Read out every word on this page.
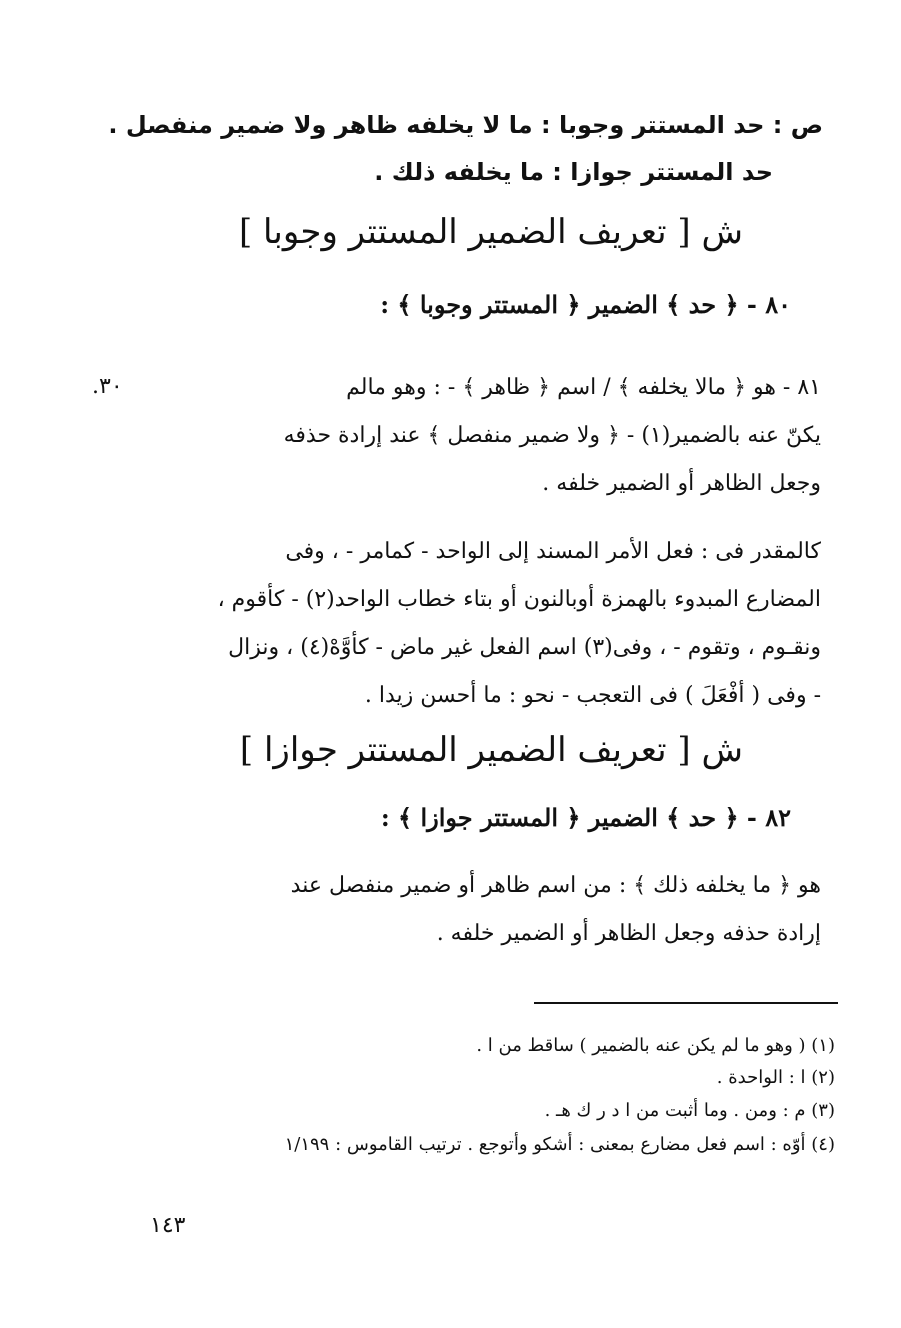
ص : حد المستتر وجوبا : ما لا يخلفه ظاهر ولا ضمير منفصل .
حد المستتر جوازا : ما يخلفه ذلك .
ش [ تعريف الضمير المستتر وجوبا ]
٨٠ - ﴿ حد ﴾ الضمير ﴿ المستتر وجوبا ﴾ :
٨١ - هو ﴿ مالا يخلفه ﴾ / اسم ﴿ ظاهر ﴾ - : وهو مالم
يكنّ عنه بالضمير(١) - ﴿ ولا ضمير منفصل ﴾ عند إرادة حذفه
وجعل الظاهر أو الضمير خلفه .
٣٠.
كالمقدر فى : فعل الأمر المسند إلى الواحد - كمامر - ، وفى
المضارع المبدوء بالهمزة أوبالنون أو بتاء خطاب الواحد(٢) - كأقوم ،
ونقـوم ، وتقوم - ، وفى(٣) اسم الفعل غير ماض - كأوَّهْ(٤) ، ونزال
- وفى ( أفْعَلَ ) فى التعجب - نحو : ما أحسن زيدا .
ش [ تعريف الضمير المستتر جوازا ]
٨٢ - ﴿ حد ﴾ الضمير ﴿ المستتر جوازا ﴾ :
هو ﴿ ما يخلفه ذلك ﴾ : من اسم ظاهر أو ضمير منفصل عند
إرادة حذفه وجعل الظاهر أو الضمير خلفه .
(١) ( وهو ما لم يكن عنه بالضمير ) ساقط من ا .
(٢) ا : الواحدة .
(٣) م : ومن . وما أثبت من ا د ر ك هـ .
(٤) أوّه : اسم فعل مضارع بمعنى : أشكو وأتوجع . ترتيب القاموس : ١/١٩٩
١٤٣
